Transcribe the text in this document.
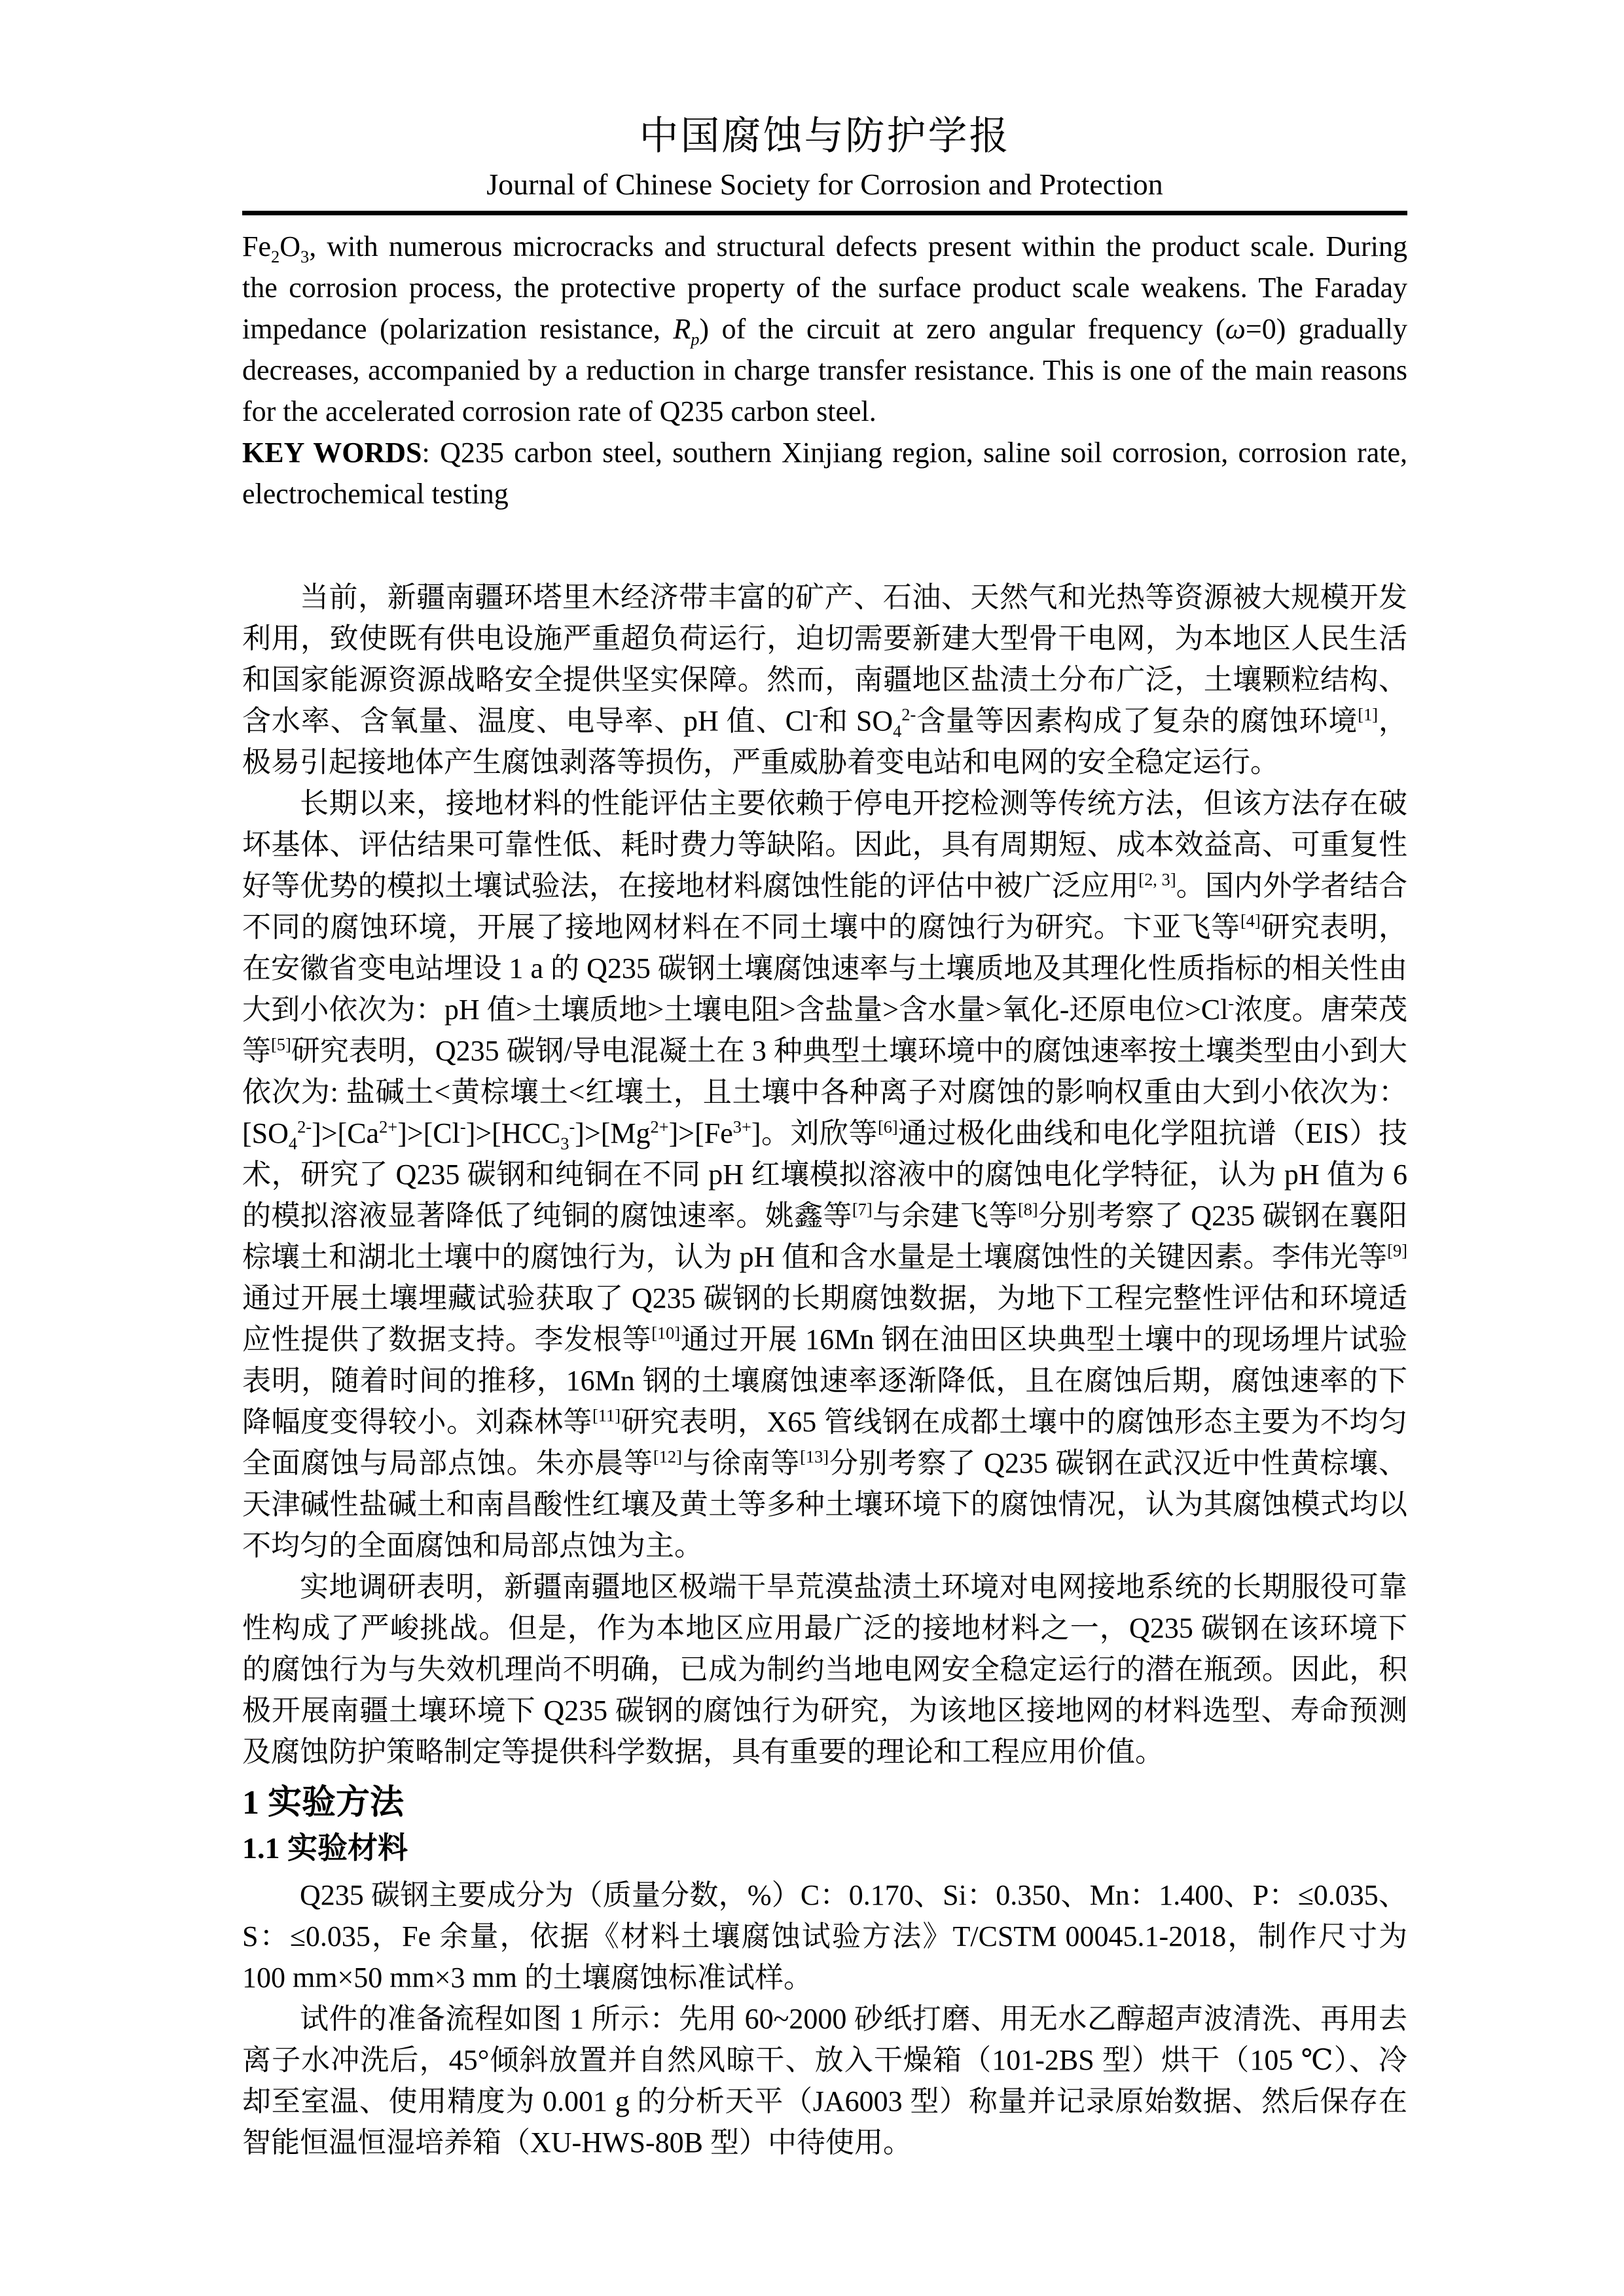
中国腐蚀与防护学报
Journal of Chinese Society for Corrosion and Protection

$Fe_2O_3$, with numerous microcracks and structural defects present within the product scale. During the corrosion process, the protective property of the surface product scale weakens. The Faraday impedance (polarization resistance, $R_p$) of the circuit at zero angular frequency (ω=0) gradually decreases, accompanied by a reduction in charge transfer resistance. This is one of the main reasons for the accelerated corrosion rate of Q235 carbon steel.

KEY WORDS: Q235 carbon steel, southern Xinjiang region, saline soil corrosion, corrosion rate, electrochemical testing

当前，新疆南疆环塔里木经济带丰富的矿产、石油、天然气和光热等资源被大规模开发利用，致使既有供电设施严重超负荷运行，迫切需要新建大型骨干电网，为本地区人民生活和国家能源资源战略安全提供坚实保障。然而，南疆地区盐渍土分布广泛，土壤颗粒结构、含水率、含氧量、温度、电导率、pH 值、Cl-和 $SO_4^{2-}$含量等因素构成了复杂的腐蚀环境[1]，极易引起接地体产生腐蚀剥落等损伤，严重威胁着变电站和电网的安全稳定运行。

长期以来，接地材料的性能评估主要依赖于停电开挖检测等传统方法，但该方法存在破坏基体、评估结果可靠性低、耗时费力等缺陷。因此，具有周期短、成本效益高、可重复性好等优势的模拟土壤试验法，在接地材料腐蚀性能的评估中被广泛应用[2, 3]。国内外学者结合不同的腐蚀环境，开展了接地网材料在不同土壤中的腐蚀行为研究。卞亚飞等[4]研究表明，在安徽省变电站埋设 1 a 的 Q235 碳钢土壤腐蚀速率与土壤质地及其理化性质指标的相关性由大到小依次为：pH 值>土壤质地>土壤电阻>含盐量>含水量>氧化-还原电位>Cl-浓度。唐荣茂等[5]研究表明，Q235 碳钢/导电混凝土在 3 种典型土壤环境中的腐蚀速率按土壤类型由小到大依次为: 盐碱土<黄棕壤土<红壤土，且土壤中各种离子对腐蚀的影响权重由大到小依次为：$[SO_4^{2-}]>[Ca^{2+}]>[Cl^-]>[HCC_3^-]>[Mg^{2+}]>[Fe^{3+}]$。刘欣等[6]通过极化曲线和电化学阻抗谱（EIS）技术，研究了 Q235 碳钢和纯铜在不同 pH 红壤模拟溶液中的腐蚀电化学特征，认为 pH 值为 6 的模拟溶液显著降低了纯铜的腐蚀速率。姚鑫等[7]与余建飞等[8]分别考察了 Q235 碳钢在襄阳棕壤土和湖北土壤中的腐蚀行为，认为 pH 值和含水量是土壤腐蚀性的关键因素。李伟光等[9]通过开展土壤埋藏试验获取了 Q235 碳钢的长期腐蚀数据，为地下工程完整性评估和环境适应性提供了数据支持。李发根等[10]通过开展 16Mn 钢在油田区块典型土壤中的现场埋片试验表明，随着时间的推移，16Mn 钢的土壤腐蚀速率逐渐降低，且在腐蚀后期，腐蚀速率的下降幅度变得较小。刘森林等[11]研究表明，X65 管线钢在成都土壤中的腐蚀形态主要为不均匀全面腐蚀与局部点蚀。朱亦晨等[12]与徐南等[13]分别考察了 Q235 碳钢在武汉近中性黄棕壤、天津碱性盐碱土和南昌酸性红壤及黄土等多种土壤环境下的腐蚀情况，认为其腐蚀模式均以不均匀的全面腐蚀和局部点蚀为主。

实地调研表明，新疆南疆地区极端干旱荒漠盐渍土环境对电网接地系统的长期服役可靠性构成了严峻挑战。但是，作为本地区应用最广泛的接地材料之一，Q235 碳钢在该环境下的腐蚀行为与失效机理尚不明确，已成为制约当地电网安全稳定运行的潜在瓶颈。因此，积极开展南疆土壤环境下 Q235 碳钢的腐蚀行为研究，为该地区接地网的材料选型、寿命预测及腐蚀防护策略制定等提供科学数据，具有重要的理论和工程应用价值。

1 实验方法
1.1 实验材料

Q235 碳钢主要成分为（质量分数，%）C：0.170、Si：0.350、Mn：1.400、P：≤0.035、S：≤0.035，Fe 余量，依据《材料土壤腐蚀试验方法》T/CSTM 00045.1-2018，制作尺寸为 100 mm×50 mm×3 mm 的土壤腐蚀标准试样。

试件的准备流程如图 1 所示：先用 60~2000 砂纸打磨、用无水乙醇超声波清洗、再用去离子水冲洗后，45°倾斜放置并自然风晾干、放入干燥箱（101-2BS 型）烘干（105 ℃）、冷却至室温、使用精度为 0.001 g 的分析天平（JA6003 型）称量并记录原始数据、然后保存在智能恒温恒湿培养箱（XU-HWS-80B 型）中待使用。
